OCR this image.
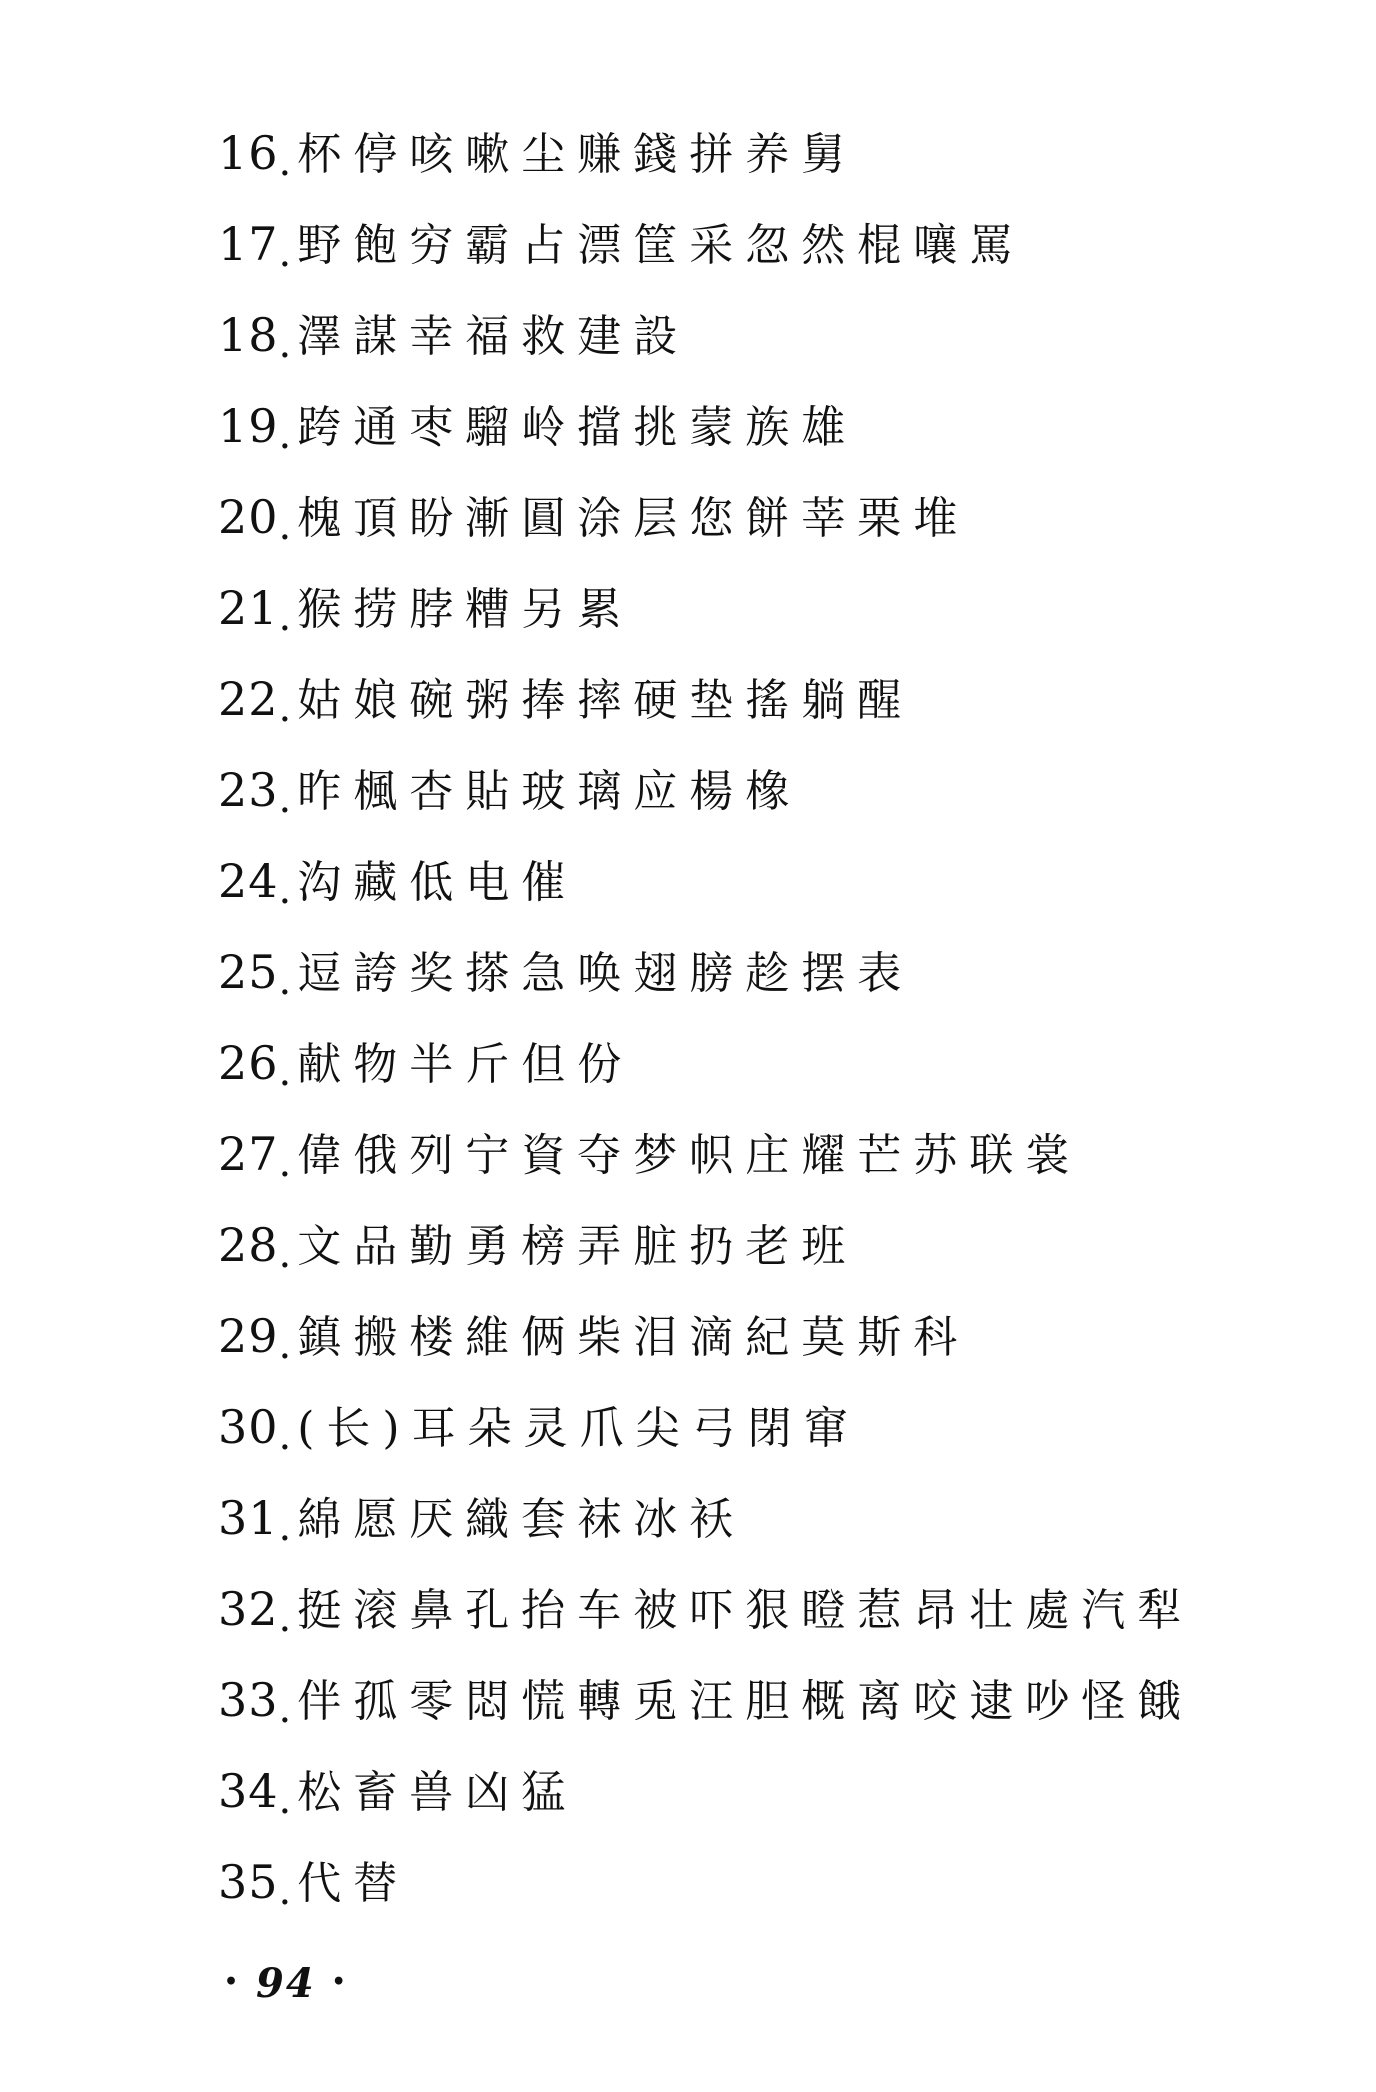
16 . 杯停咳嗽尘赚錢拼养舅
17 . 野飽穷霸占漂筐采忽然棍嚷罵
18 . 澤謀幸福救建設
19 . 跨通枣騮岭擋挑蒙族雄
20 . 槐頂盼漸圓涂层您餅莘栗堆
21 . 猴捞脖糟另累
22 . 姑娘碗粥捧摔硬垫搖躺醒
23 . 昨楓杏貼玻璃应楊橡
24 . 沟藏低电催
25 . 逗誇奖搽急唤翅膀趁摆表
26 . 献物半斤但份
27 . 偉俄列宁資夺梦帜庄耀芒苏联裳
28 . 文品勤勇榜弄脏扔老班
29 . 鎮搬楼維俩柴泪滴紀莫斯科
30 . (长)耳朵灵爪尖弓閉窜
31 . 綿愿厌織套袜冰袄
32 . 挺滚鼻孔抬车被吓狠瞪惹昂壮處汽犁
33 . 伴孤零悶慌轉兎汪胆概离咬逮吵怪餓
34 . 松畜兽凶猛
35 . 代替
• 94 •
